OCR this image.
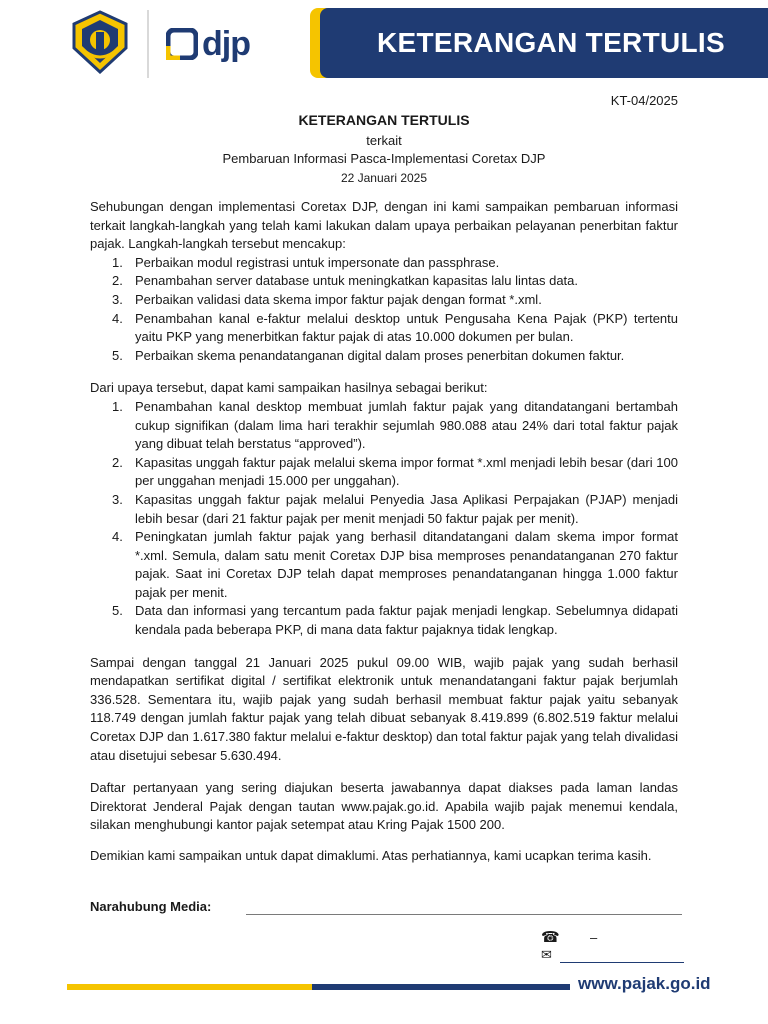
djp	KETERANGAN TERTULIS
KT-04/2025
KETERANGAN TERTULIS
terkait
Pembaruan Informasi Pasca-Implementasi Coretax DJP
22 Januari 2025

Sehubungan dengan implementasi Coretax DJP, dengan ini kami sampaikan pembaruan informasi terkait langkah-langkah yang telah kami lakukan dalam upaya perbaikan pelayanan penerbitan faktur pajak. Langkah-langkah tersebut mencakup:

1. Perbaikan modul registrasi untuk impersonate dan passphrase.
2. Penambahan server database untuk meningkatkan kapasitas lalu lintas data.
3. Perbaikan validasi data skema impor faktur pajak dengan format *.xml.
4. Penambahan kanal e-faktur melalui desktop untuk Pengusaha Kena Pajak (PKP) tertentu yaitu PKP yang menerbitkan faktur pajak di atas 10.000 dokumen per bulan.
5. Perbaikan skema penandatanganan digital dalam proses penerbitan dokumen faktur.

Dari upaya tersebut, dapat kami sampaikan hasilnya sebagai berikut:

1. Penambahan kanal desktop membuat jumlah faktur pajak yang ditandatangani bertambah cukup signifikan (dalam lima hari terakhir sejumlah 980.088 atau 24% dari total faktur pajak yang dibuat telah berstatus “approved”).
2. Kapasitas unggah faktur pajak melalui skema impor format *.xml menjadi lebih besar (dari 100 per unggahan menjadi 15.000 per unggahan).
3. Kapasitas unggah faktur pajak melalui Penyedia Jasa Aplikasi Perpajakan (PJAP) menjadi lebih besar (dari 21 faktur pajak per menit menjadi 50 faktur pajak per menit).
4. Peningkatan jumlah faktur pajak yang berhasil ditandatangani dalam skema impor format *.xml. Semula, dalam satu menit Coretax DJP bisa memproses penandatanganan 270 faktur pajak. Saat ini Coretax DJP telah dapat memproses penandatanganan hingga 1.000 faktur pajak per menit.
5. Data dan informasi yang tercantum pada faktur pajak menjadi lengkap. Sebelumnya didapati kendala pada beberapa PKP, di mana data faktur pajaknya tidak lengkap.

Sampai dengan tanggal 21 Januari 2025 pukul 09.00 WIB, wajib pajak yang sudah berhasil mendapatkan sertifikat digital / sertifikat elektronik untuk menandatangani faktur pajak berjumlah 336.528. Sementara itu, wajib pajak yang sudah berhasil membuat faktur pajak yaitu sebanyak 118.749 dengan jumlah faktur pajak yang telah dibuat sebanyak 8.419.899 (6.802.519 faktur melalui Coretax DJP dan 1.617.380 faktur melalui e-faktur desktop) dan total faktur pajak yang telah divalidasi atau disetujui sebesar 5.630.494.

Daftar pertanyaan yang sering diajukan beserta jawabannya dapat diakses pada laman landas Direktorat Jenderal Pajak dengan tautan www.pajak.go.id. Apabila wajib pajak menemui kendala, silakan menghubungi kantor pajak setempat atau Kring Pajak 1500 200.

Demikian kami sampaikan untuk dapat dimaklumi. Atas perhatiannya, kami ucapkan terima kasih.

Narahubung Media:
☎ –
✉
www.pajak.go.id
